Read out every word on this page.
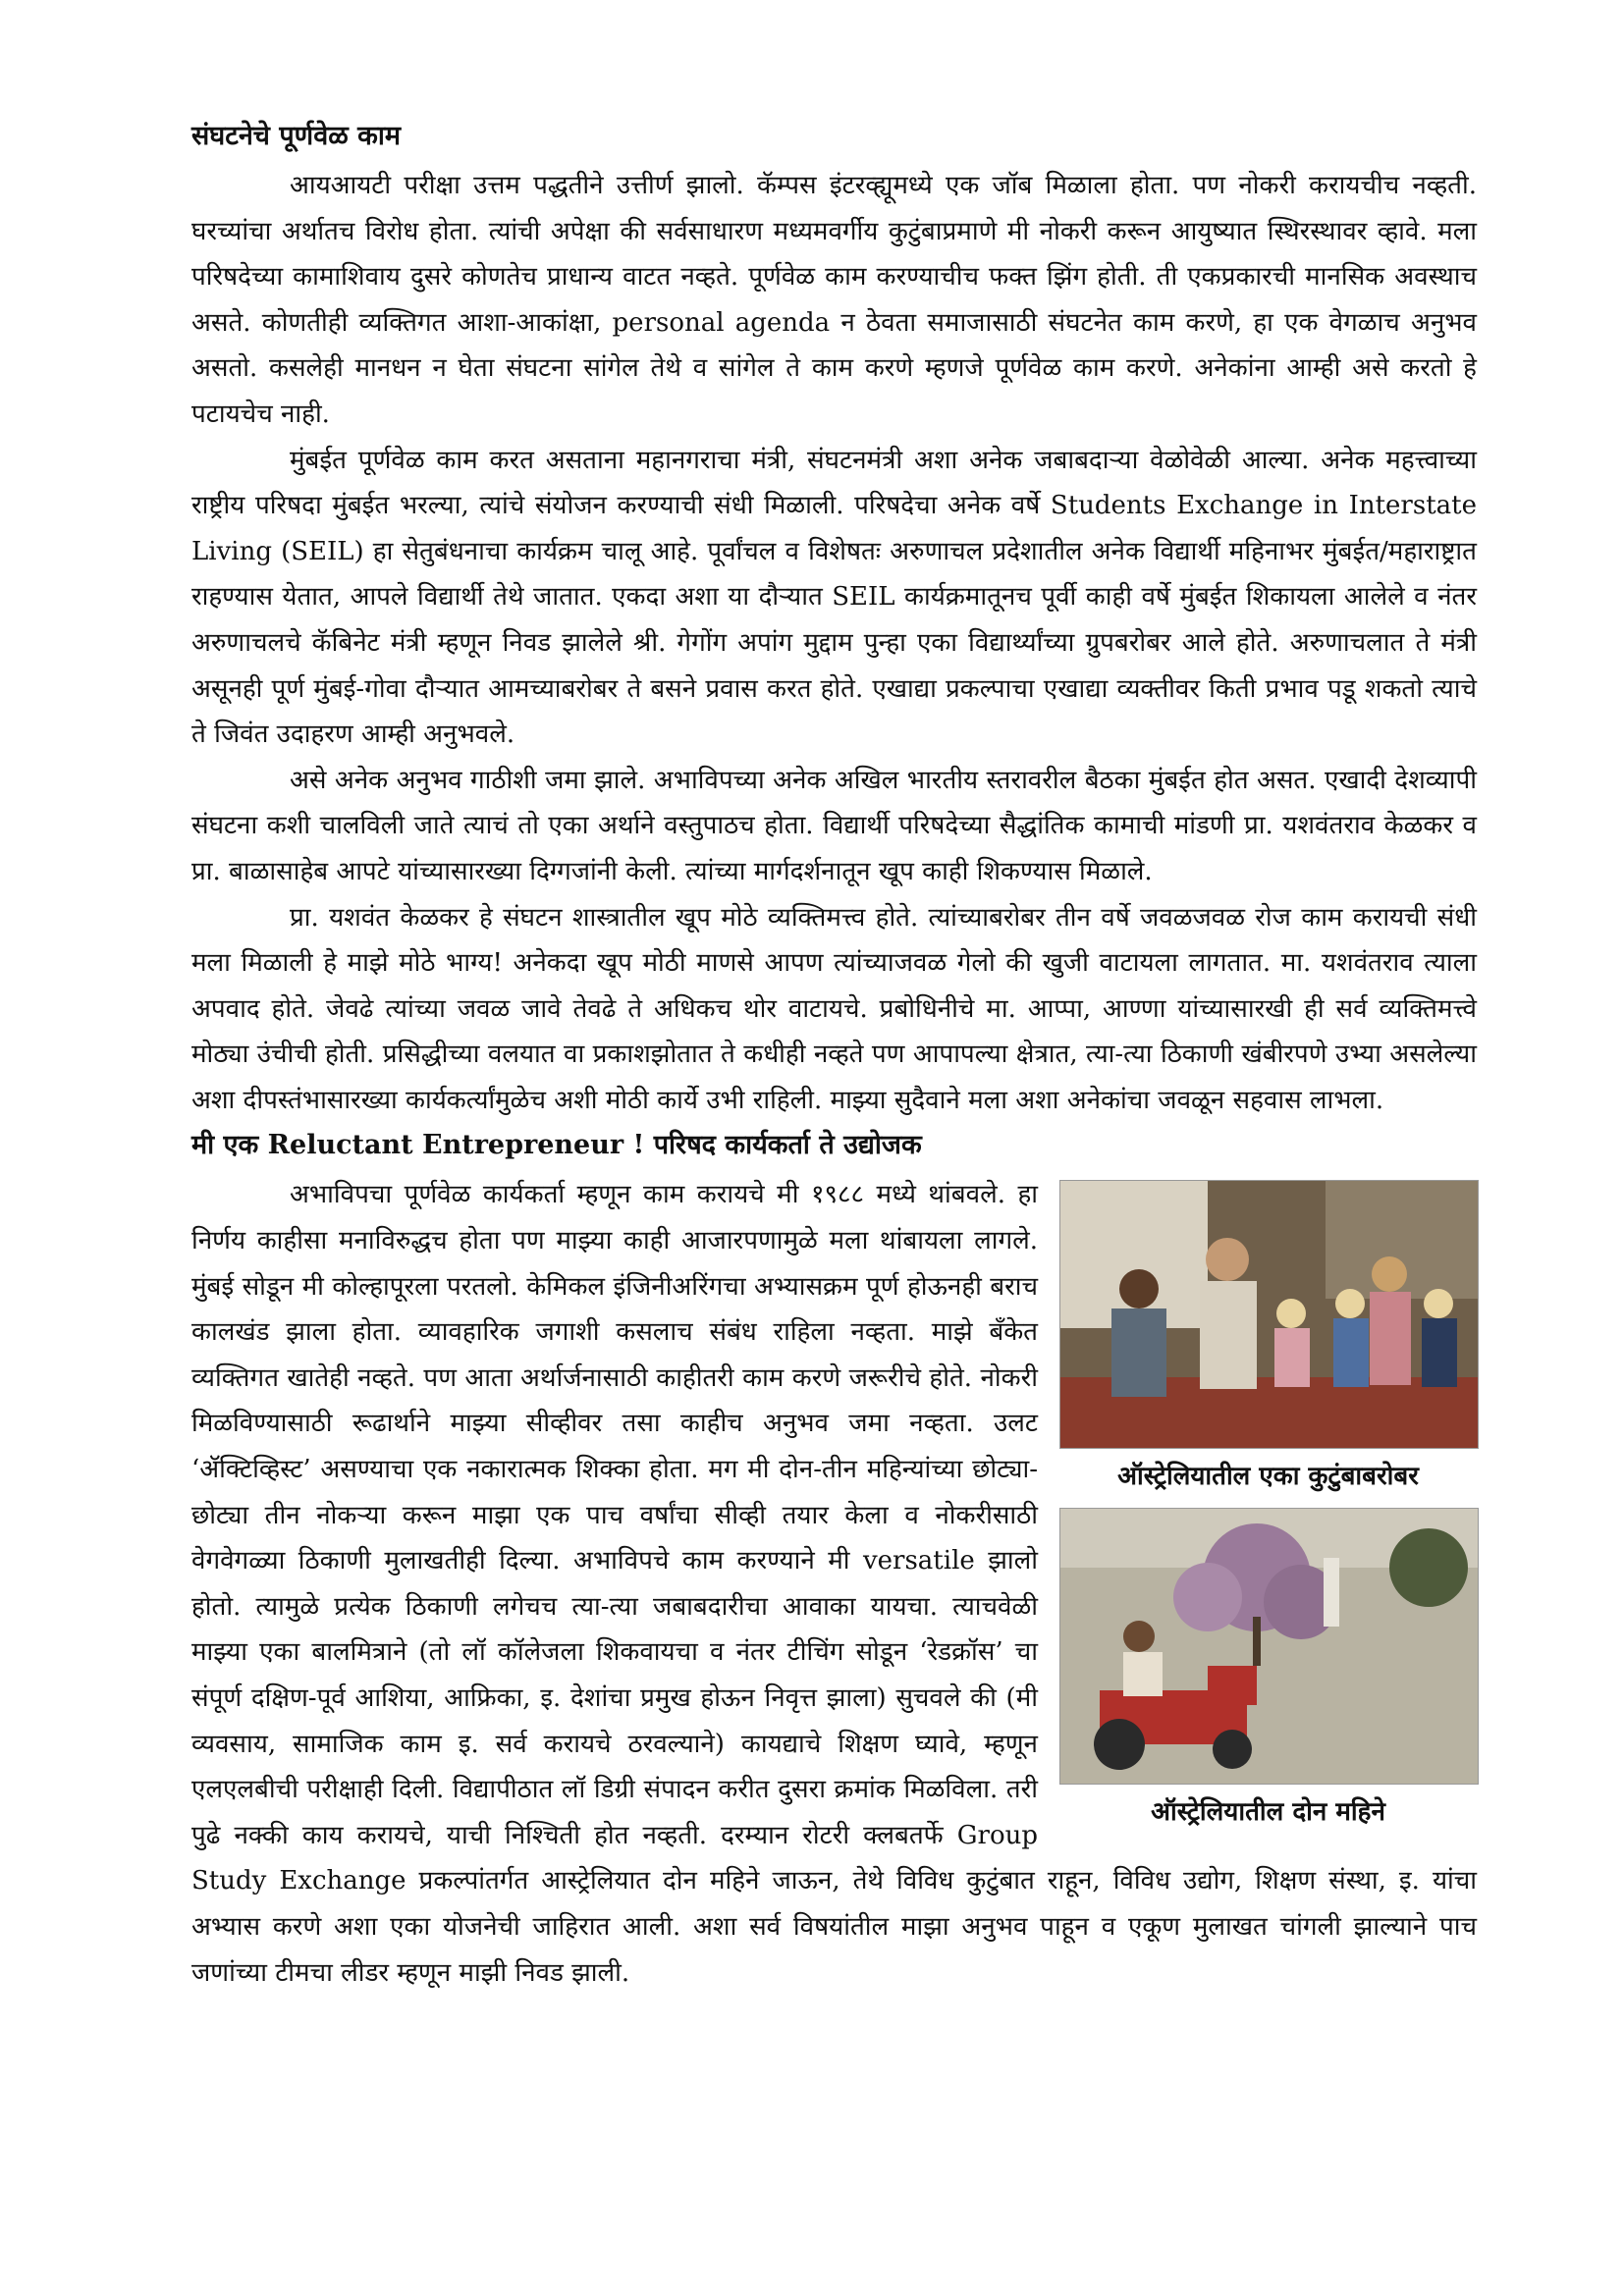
संघटनेचे पूर्णवेळ काम

आयआयटी परीक्षा उत्तम पद्धतीने उत्तीर्ण झालो. कॅम्पस इंटरव्ह्यूमध्ये एक जॉब मिळाला होता. पण नोकरी करायचीच नव्हती. घरच्यांचा अर्थातच विरोध होता. त्यांची अपेक्षा की सर्वसाधारण मध्यमवर्गीय कुटुंबाप्रमाणे मी नोकरी करून आयुष्यात स्थिरस्थावर व्हावे. मला परिषदेच्या कामाशिवाय दुसरे कोणतेच प्राधान्य वाटत नव्हते. पूर्णवेळ काम करण्याचीच फक्त झिंग होती. ती एकप्रकारची मानसिक अवस्थाच असते. कोणतीही व्यक्तिगत आशा-आकांक्षा, personal agenda न ठेवता समाजासाठी संघटनेत काम करणे, हा एक वेगळाच अनुभव असतो. कसलेही मानधन न घेता संघटना सांगेल तेथे व सांगेल ते काम करणे म्हणजे पूर्णवेळ काम करणे. अनेकांना आम्ही असे करतो हे पटायचेच नाही.

मुंबईत पूर्णवेळ काम करत असताना महानगराचा मंत्री, संघटनमंत्री अशा अनेक जबाबदाऱ्या वेळोवेळी आल्या. अनेक महत्त्वाच्या राष्ट्रीय परिषदा मुंबईत भरल्या, त्यांचे संयोजन करण्याची संधी मिळाली. परिषदेचा अनेक वर्षे Students Exchange in Interstate Living (SEIL) हा सेतुबंधनाचा कार्यक्रम चालू आहे. पूर्वांचल व विशेषतः अरुणाचल प्रदेशातील अनेक विद्यार्थी महिनाभर मुंबईत/महाराष्ट्रात राहण्यास येतात, आपले विद्यार्थी तेथे जातात. एकदा अशा या दौऱ्यात SEIL कार्यक्रमातूनच पूर्वी काही वर्षे मुंबईत शिकायला आलेले व नंतर अरुणाचलचे कॅबिनेट मंत्री म्हणून निवड झालेले श्री. गेगोंग अपांग मुद्दाम पुन्हा एका विद्यार्थ्यांच्या ग्रुपबरोबर आले होते. अरुणाचलात ते मंत्री असूनही पूर्ण मुंबई-गोवा दौऱ्यात आमच्याबरोबर ते बसने प्रवास करत होते. एखाद्या प्रकल्पाचा एखाद्या व्यक्तीवर किती प्रभाव पडू शकतो त्याचे ते जिवंत उदाहरण आम्ही अनुभवले.

असे अनेक अनुभव गाठीशी जमा झाले. अभाविपच्या अनेक अखिल भारतीय स्तरावरील बैठका मुंबईत होत असत. एखादी देशव्यापी संघटना कशी चालविली जाते त्याचं तो एका अर्थाने वस्तुपाठच होता. विद्यार्थी परिषदेच्या सैद्धांतिक कामाची मांडणी प्रा. यशवंतराव केळकर व प्रा. बाळासाहेब आपटे यांच्यासारख्या दिग्गजांनी केली. त्यांच्या मार्गदर्शनातून खूप काही शिकण्यास मिळाले.

प्रा. यशवंत केळकर हे संघटन शास्त्रातील खूप मोठे व्यक्तिमत्त्व होते. त्यांच्याबरोबर तीन वर्षे जवळजवळ रोज काम करायची संधी मला मिळाली हे माझे मोठे भाग्य! अनेकदा खूप मोठी माणसे आपण त्यांच्याजवळ गेलो की खुजी वाटायला लागतात. मा. यशवंतराव त्याला अपवाद होते. जेवढे त्यांच्या जवळ जावे तेवढे ते अधिकच थोर वाटायचे. प्रबोधिनीचे मा. आप्पा, आण्णा यांच्यासारखी ही सर्व व्यक्तिमत्त्वे मोठ्या उंचीची होती. प्रसिद्धीच्या वलयात वा प्रकाशझोतात ते कधीही नव्हते पण आपापल्या क्षेत्रात, त्या-त्या ठिकाणी खंबीरपणे उभ्या असलेल्या अशा दीपस्तंभासारख्या कार्यकर्त्यांमुळेच अशी मोठी कार्ये उभी राहिली. माझ्या सुदैवाने मला अशा अनेकांचा जवळून सहवास लाभला.

मी एक Reluctant Entrepreneur ! परिषद कार्यकर्ता ते उद्योजक
ऑस्ट्रेलियातील एका कुटुंबाबरोबर
ऑस्ट्रेलियातील दोन महिने

अभाविपचा पूर्णवेळ कार्यकर्ता म्हणून काम करायचे मी १९८८ मध्ये थांबवले. हा निर्णय काहीसा मनाविरुद्धच होता पण माझ्या काही आजारपणामुळे मला थांबायला लागले. मुंबई सोडून मी कोल्हापूरला परतलो. केमिकल इंजिनीअरिंगचा अभ्यासक्रम पूर्ण होऊनही बराच कालखंड झाला होता. व्यावहारिक जगाशी कसलाच संबंध राहिला नव्हता. माझे बँकेत व्यक्तिगत खातेही नव्हते. पण आता अर्थार्जनासाठी काहीतरी काम करणे जरूरीचे होते. नोकरी मिळविण्यासाठी रूढार्थाने माझ्या सीव्हीवर तसा काहीच अनुभव जमा नव्हता. उलट ‘ॲक्टिव्हिस्ट’ असण्याचा एक नकारात्मक शिक्का होता. मग मी दोन-तीन महिन्यांच्या छोट्या-छोट्या तीन नोकऱ्या करून माझा एक पाच वर्षांचा सीव्ही तयार केला व नोकरीसाठी वेगवेगळ्या ठिकाणी मुलाखतीही दिल्या. अभाविपचे काम करण्याने मी versatile झालो होतो. त्यामुळे प्रत्येक ठिकाणी लगेचच त्या-त्या जबाबदारीचा आवाका यायचा. त्याचवेळी माझ्या एका बालमित्राने (तो लॉ कॉलेजला शिकवायचा व नंतर टीचिंग सोडून ‘रेडक्रॉस’ चा संपूर्ण दक्षिण-पूर्व आशिया, आफ्रिका, इ. देशांचा प्रमुख होऊन निवृत्त झाला) सुचवले की (मी व्यवसाय, सामाजिक काम इ. सर्व करायचे ठरवल्याने) कायद्याचे शिक्षण घ्यावे, म्हणून एलएलबीची परीक्षाही दिली. विद्यापीठात लॉ डिग्री संपादन करीत दुसरा क्रमांक मिळविला. तरी पुढे नक्की काय करायचे, याची निश्चिती होत नव्हती. दरम्यान रोटरी क्लबतर्फे Group Study Exchange प्रकल्पांतर्गत आस्ट्रेलियात दोन महिने जाऊन, तेथे विविध कुटुंबात राहून, विविध उद्योग, शिक्षण संस्था, इ. यांचा अभ्यास करणे अशा एका योजनेची जाहिरात आली. अशा सर्व विषयांतील माझा अनुभव पाहून व एकूण मुलाखत चांगली झाल्याने पाच जणांच्या टीमचा लीडर म्हणून माझी निवड झाली.
